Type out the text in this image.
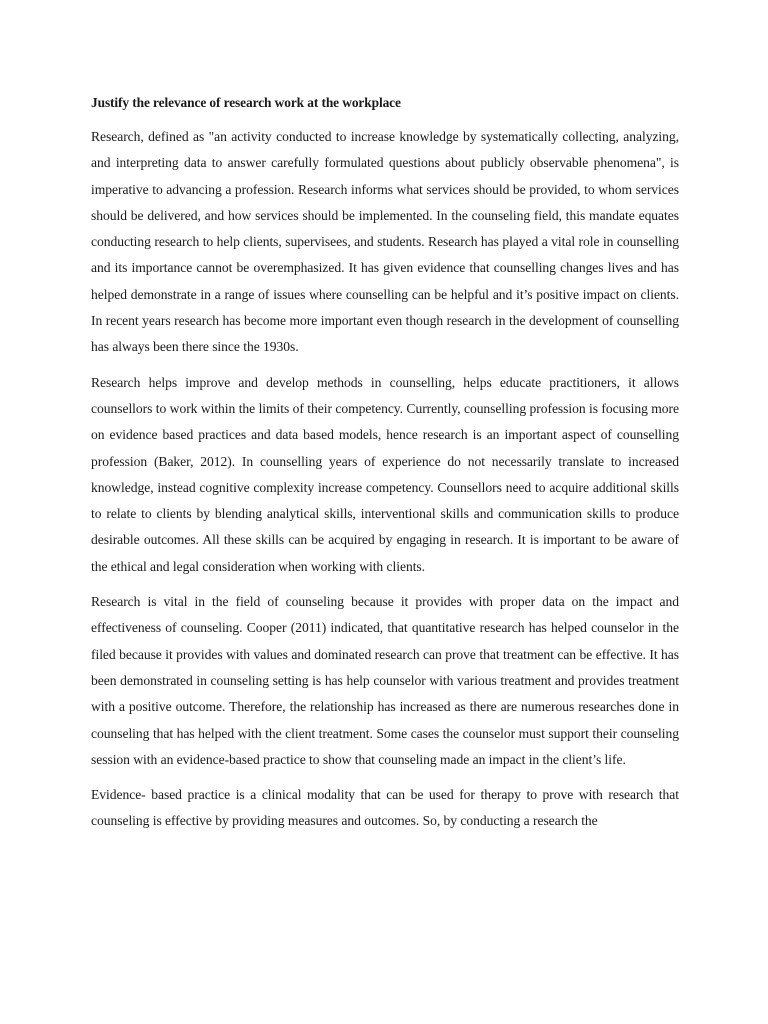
Justify the relevance of research work at the workplace

Research, defined as "an activity conducted to increase knowledge by systematically collecting, analyzing, and interpreting data to answer carefully formulated questions about publicly observable phenomena", is imperative to advancing a profession. Research informs what services should be provided, to whom services should be delivered, and how services should be implemented. In the counseling field, this mandate equates conducting research to help clients, supervisees, and students. Research has played a vital role in counselling and its importance cannot be overemphasized. It has given evidence that counselling changes lives and has helped demonstrate in a range of issues where counselling can be helpful and it’s positive impact on clients. In recent years research has become more important even though research in the development of counselling has always been there since the 1930s.

Research helps improve and develop methods in counselling, helps educate practitioners, it allows counsellors to work within the limits of their competency. Currently, counselling profession is focusing more on evidence based practices and data based models, hence research is an important aspect of counselling profession (Baker, 2012). In counselling years of experience do not necessarily translate to increased knowledge, instead cognitive complexity increase competency. Counsellors need to acquire additional skills to relate to clients by blending analytical skills, interventional skills and communication skills to produce desirable outcomes. All these skills can be acquired by engaging in research. It is important to be aware of the ethical and legal consideration when working with clients.

Research is vital in the field of counseling because it provides with proper data on the impact and effectiveness of counseling. Cooper (2011) indicated, that quantitative research has helped counselor in the filed because it provides with values and dominated research can prove that treatment can be effective. It has been demonstrated in counseling setting is has help counselor with various treatment and provides treatment with a positive outcome. Therefore, the relationship has increased as there are numerous researches done in counseling that has helped with the client treatment. Some cases the counselor must support their counseling session with an evidence-based practice to show that counseling made an impact in the client’s life.

Evidence- based practice is a clinical modality that can be used for therapy to prove with research that counseling is effective by providing measures and outcomes. So, by conducting a research the
